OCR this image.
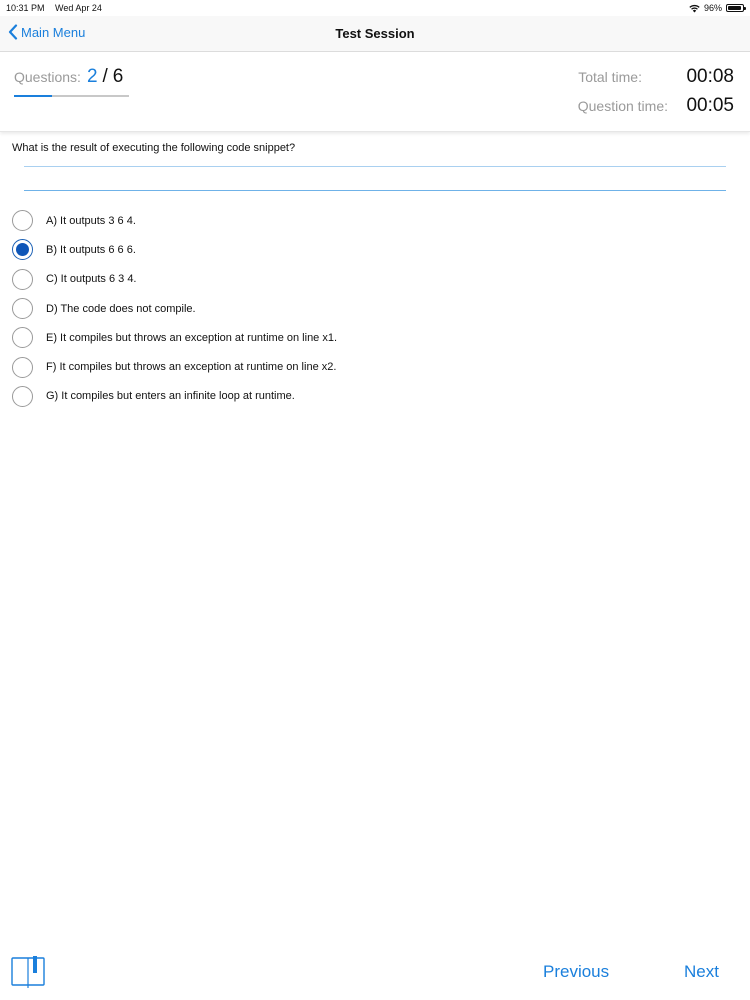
10:31 PM Wed Apr 24	96%
Main Menu	Test Session
Questions: 2 / 6	Total time:	00:08
Question time: 00:05
What is the result of executing the following code snippet?
A) It outputs 3 6 4.
B) It outputs 6 6 6.
C) It outputs 6 3 4.
D) The code does not compile.
E) It compiles but throws an exception at runtime on line x1.
F) It compiles but throws an exception at runtime on line x2.
G) It compiles but enters an infinite loop at runtime.
Previous	Next
